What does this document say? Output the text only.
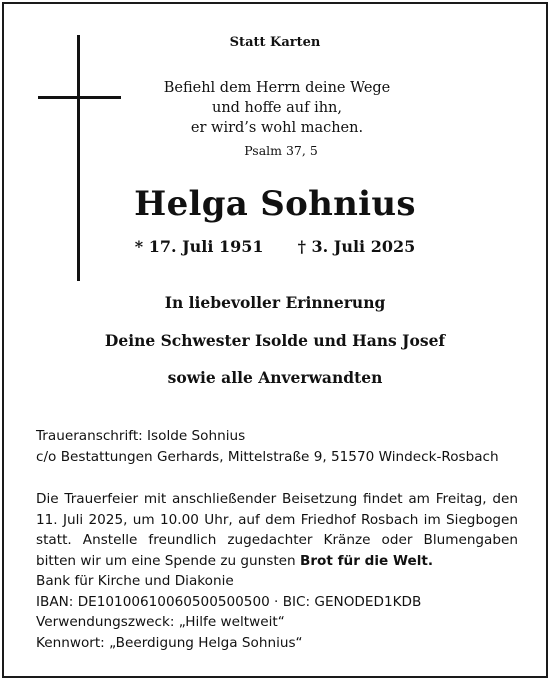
Statt Karten
Befiehl dem Herrn deine Wege
und hoffe auf ihn,
er wird’s wohl machen.
Psalm 37, 5
Helga Sohnius
* 17. Juli 1951 † 3. Juli 2025
In liebevoller Erinnerung
Deine Schwester Isolde und Hans Josef
sowie alle Anverwandten
Traueranschrift: Isolde Sohnius
c/o Bestattungen Gerhards, Mittelstraße 9, 51570 Windeck-Rosbach
Die Trauerfeier mit anschließender Beisetzung findet am Freitag, den 11. Juli 2025, um 10.00 Uhr, auf dem Friedhof Rosbach im Siegbogen statt. Anstelle freundlich zugedachter Kränze oder Blumengaben bitten wir um eine Spende zu gunsten Brot für die Welt.
Bank für Kirche und Diakonie
IBAN: DE10100610060500500500 · BIC: GENODED1KDB
Verwendungszweck: „Hilfe weltweit“
Kennwort: „Beerdigung Helga Sohnius“
